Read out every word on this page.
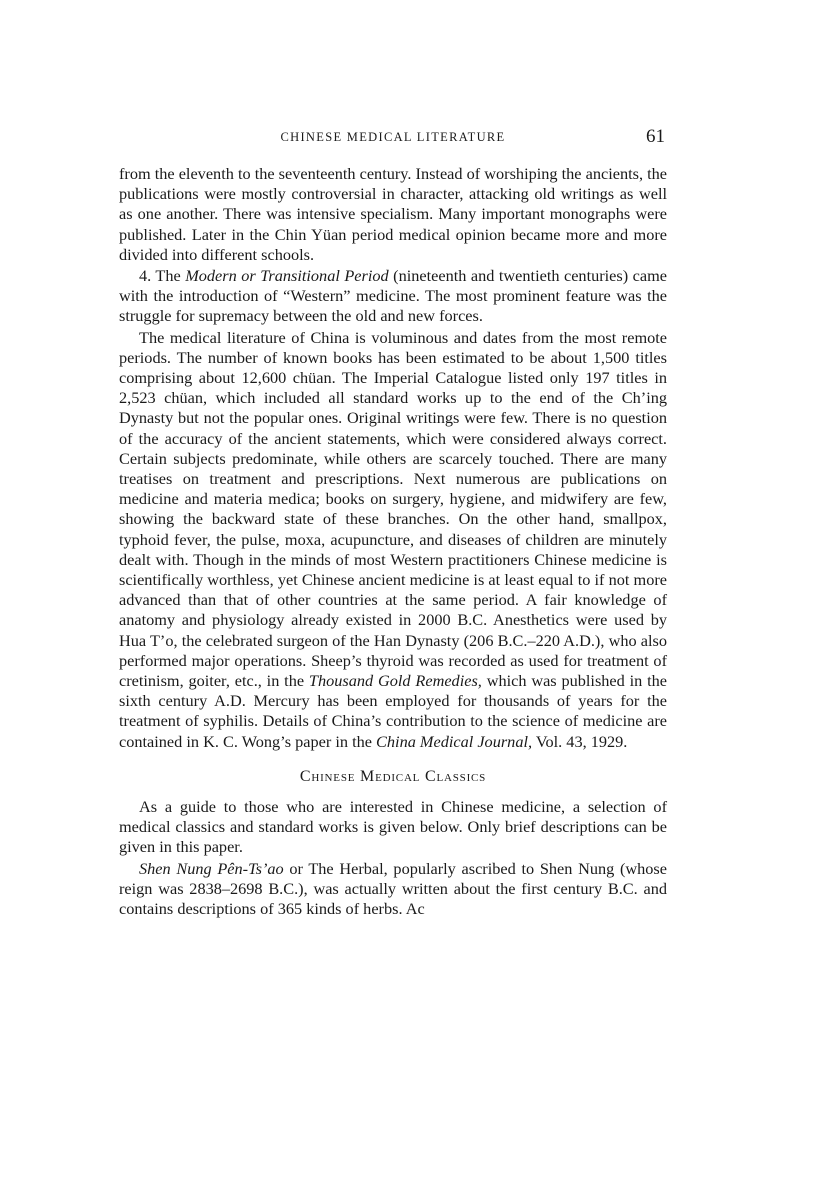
CHINESE MEDICAL LITERATURE	61

from the eleventh to the seventeenth century. Instead of worshiping the ancients, the publications were mostly controversial in character, attacking old writings as well as one another. There was intensive specialism. Many important monographs were published. Later in the Chin Yüan period medical opinion became more and more divided into different schools.

4. The Modern or Transitional Period (nineteenth and twentieth centuries) came with the introduction of “Western” medicine. The most prominent feature was the struggle for supremacy between the old and new forces.

The medical literature of China is voluminous and dates from the most remote periods. The number of known books has been estimated to be about 1,500 titles comprising about 12,600 chüan. The Imperial Catalogue listed only 197 titles in 2,523 chüan, which included all standard works up to the end of the Ch’ing Dynasty but not the popular ones. Original writings were few. There is no question of the accuracy of the ancient statements, which were considered always correct. Certain subjects predominate, while others are scarcely touched. There are many treatises on treatment and prescriptions. Next numerous are publications on medicine and materia medica; books on surgery, hygiene, and midwifery are few, showing the backward state of these branches. On the other hand, smallpox, typhoid fever, the pulse, moxa, acupuncture, and diseases of children are minutely dealt with. Though in the minds of most Western practitioners Chinese medicine is scientifically worthless, yet Chinese ancient medicine is at least equal to if not more advanced than that of other countries at the same period. A fair knowledge of anatomy and physiology already existed in 2000 B.C. Anesthetics were used by Hua T’o, the celebrated surgeon of the Han Dynasty (206 B.C.–220 A.D.), who also performed major operations. Sheep’s thyroid was recorded as used for treatment of cretinism, goiter, etc., in the Thousand Gold Remedies, which was published in the sixth century A.D. Mercury has been employed for thousands of years for the treatment of syphilis. Details of China’s contribution to the science of medicine are contained in K. C. Wong’s paper in the China Medical Journal, Vol. 43, 1929.

Chinese Medical Classics

As a guide to those who are interested in Chinese medicine, a selection of medical classics and standard works is given below. Only brief descriptions can be given in this paper.

Shen Nung Pên-Ts’ao or The Herbal, popularly ascribed to Shen Nung (whose reign was 2838–2698 B.C.), was actually written about the first century B.C. and contains descriptions of 365 kinds of herbs. Ac
